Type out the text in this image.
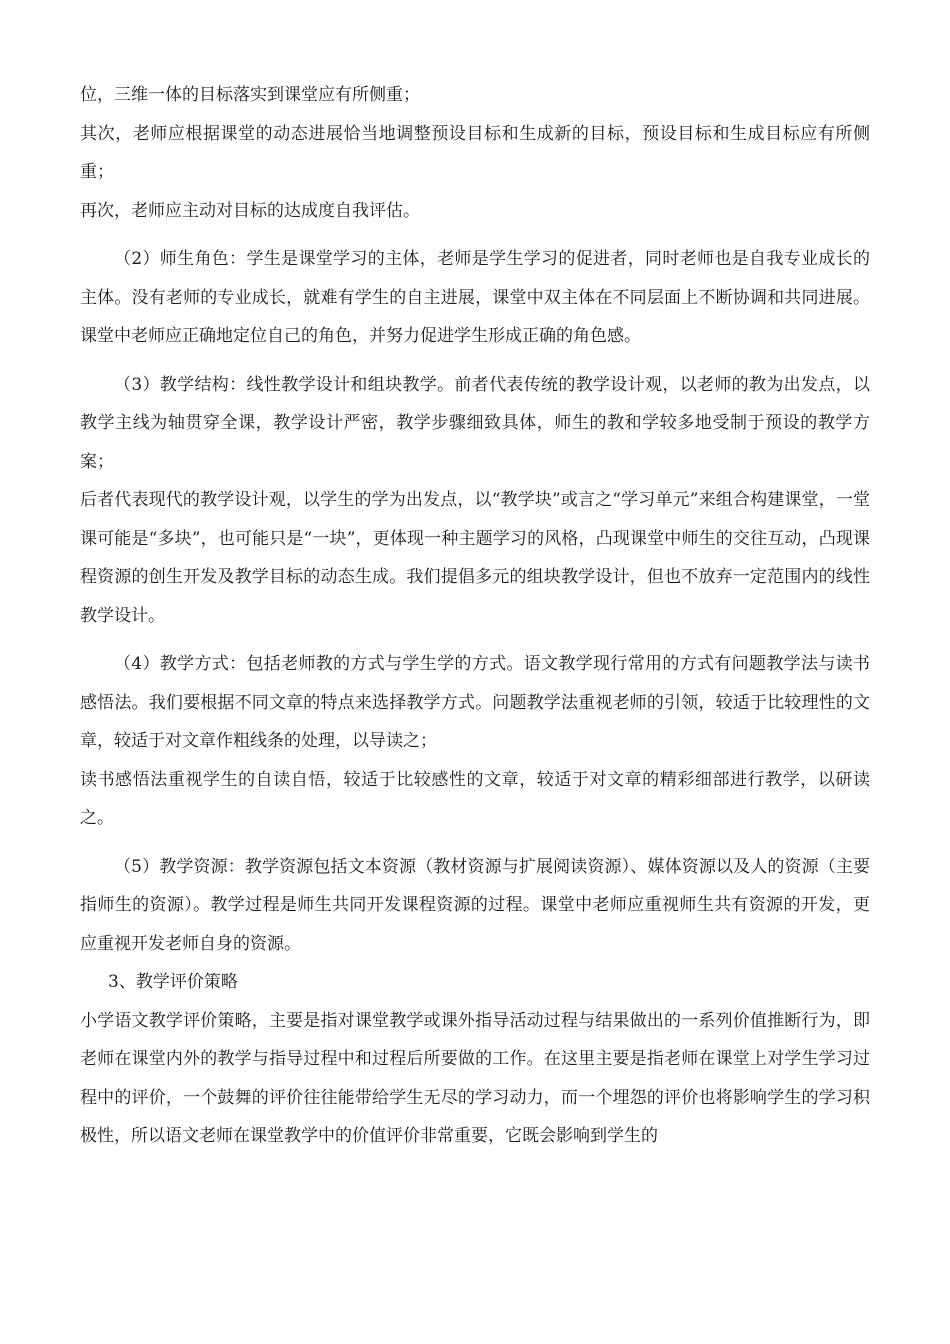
位，三维一体的目标落实到课堂应有所侧重；

其次，老师应根据课堂的动态进展恰当地调整预设目标和生成新的目标，预设目标和生成目标应有所侧重；

再次，老师应主动对目标的达成度自我评估。

（2）师生角色：学生是课堂学习的主体，老师是学生学习的促进者，同时老师也是自我专业成长的主体。没有老师的专业成长，就难有学生的自主进展，课堂中双主体在不同层面上不断协调和共同进展。课堂中老师应正确地定位自己的角色，并努力促进学生形成正确的角色感。

（3）教学结构：线性教学设计和组块教学。前者代表传统的教学设计观，以老师的教为出发点，以教学主线为轴贯穿全课，教学设计严密，教学步骤细致具体，师生的教和学较多地受制于预设的教学方案；

后者代表现代的教学设计观，以学生的学为出发点，以“教学块”或言之“学习单元”来组合构建课堂，一堂课可能是“多块”，也可能只是“一块”，更体现一种主题学习的风格，凸现课堂中师生的交往互动，凸现课程资源的创生开发及教学目标的动态生成。我们提倡多元的组块教学设计，但也不放弃一定范围内的线性教学设计。

（4）教学方式：包括老师教的方式与学生学的方式。语文教学现行常用的方式有问题教学法与读书感悟法。我们要根据不同文章的特点来选择教学方式。问题教学法重视老师的引领，较适于比较理性的文章，较适于对文章作粗线条的处理，以导读之；

读书感悟法重视学生的自读自悟，较适于比较感性的文章，较适于对文章的精彩细部进行教学，以研读之。

（5）教学资源：教学资源包括文本资源（教材资源与扩展阅读资源）、媒体资源以及人的资源（主要指师生的资源）。教学过程是师生共同开发课程资源的过程。课堂中老师应重视师生共有资源的开发，更应重视开发老师自身的资源。

3、教学评价策略

小学语文教学评价策略，主要是指对课堂教学或课外指导活动过程与结果做出的一系列价值推断行为，即老师在课堂内外的教学与指导过程中和过程后所要做的工作。在这里主要是指老师在课堂上对学生学习过程中的评价，一个鼓舞的评价往往能带给学生无尽的学习动力，而一个埋怨的评价也将影响学生的学习积极性，所以语文老师在课堂教学中的价值评价非常重要，它既会影响到学生的
